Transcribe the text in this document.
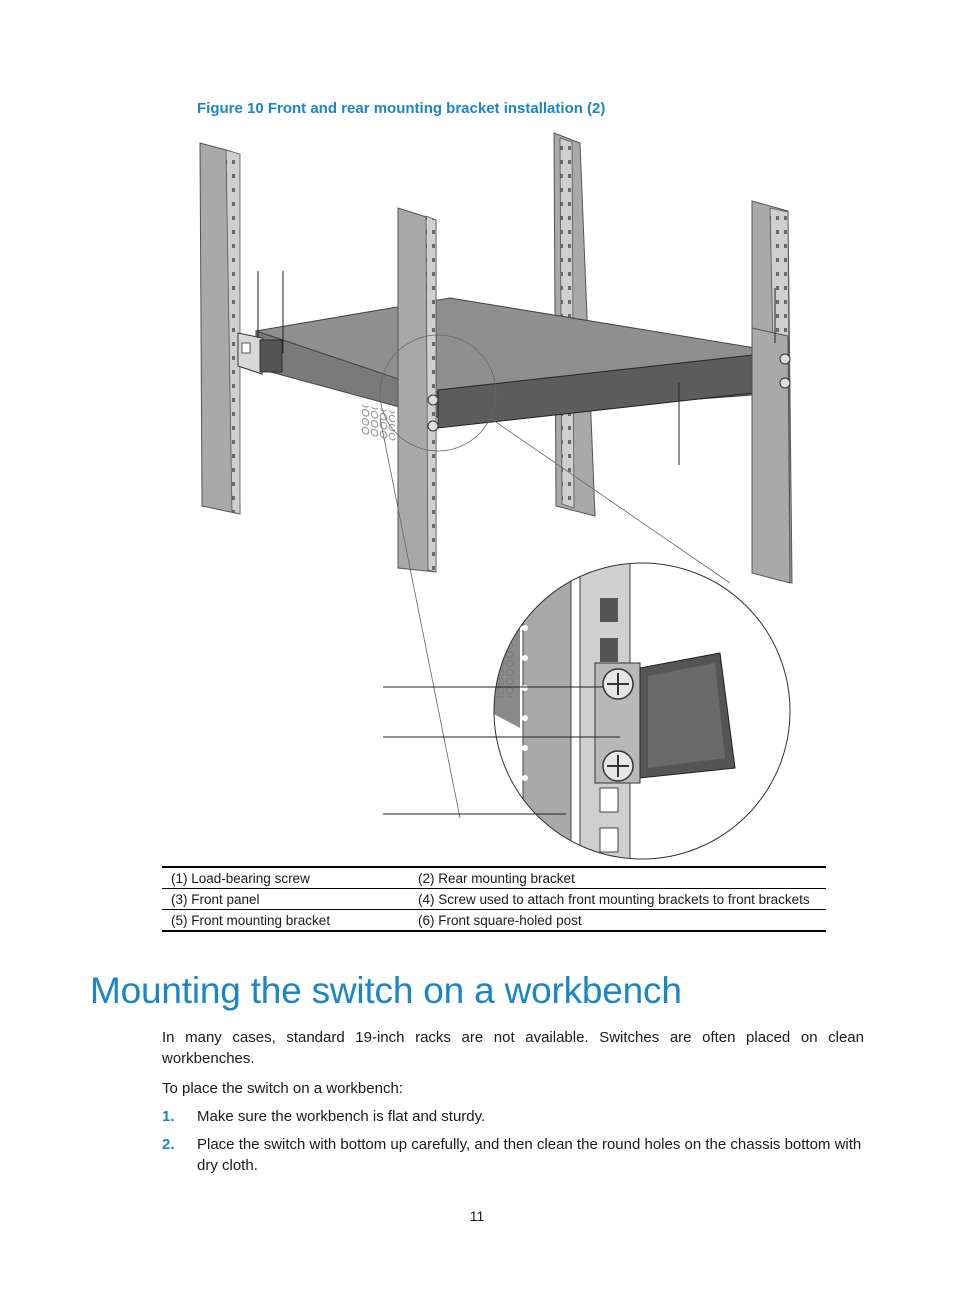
Figure 10 Front and rear mounting bracket installation (2)
(1) Load-bearing screw	(2) Rear mounting bracket
(3) Front panel	(4) Screw used to attach front mounting brackets to front brackets
(5) Front mounting bracket	(6) Front square-holed post
Mounting the switch on a workbench

In many cases, standard 19-inch racks are not available. Switches are often placed on clean workbenches.

To place the switch on a workbench:

1. Make sure the workbench is flat and sturdy.
2. Place the switch with bottom up carefully, and then clean the round holes on the chassis bottom with dry cloth.
11
